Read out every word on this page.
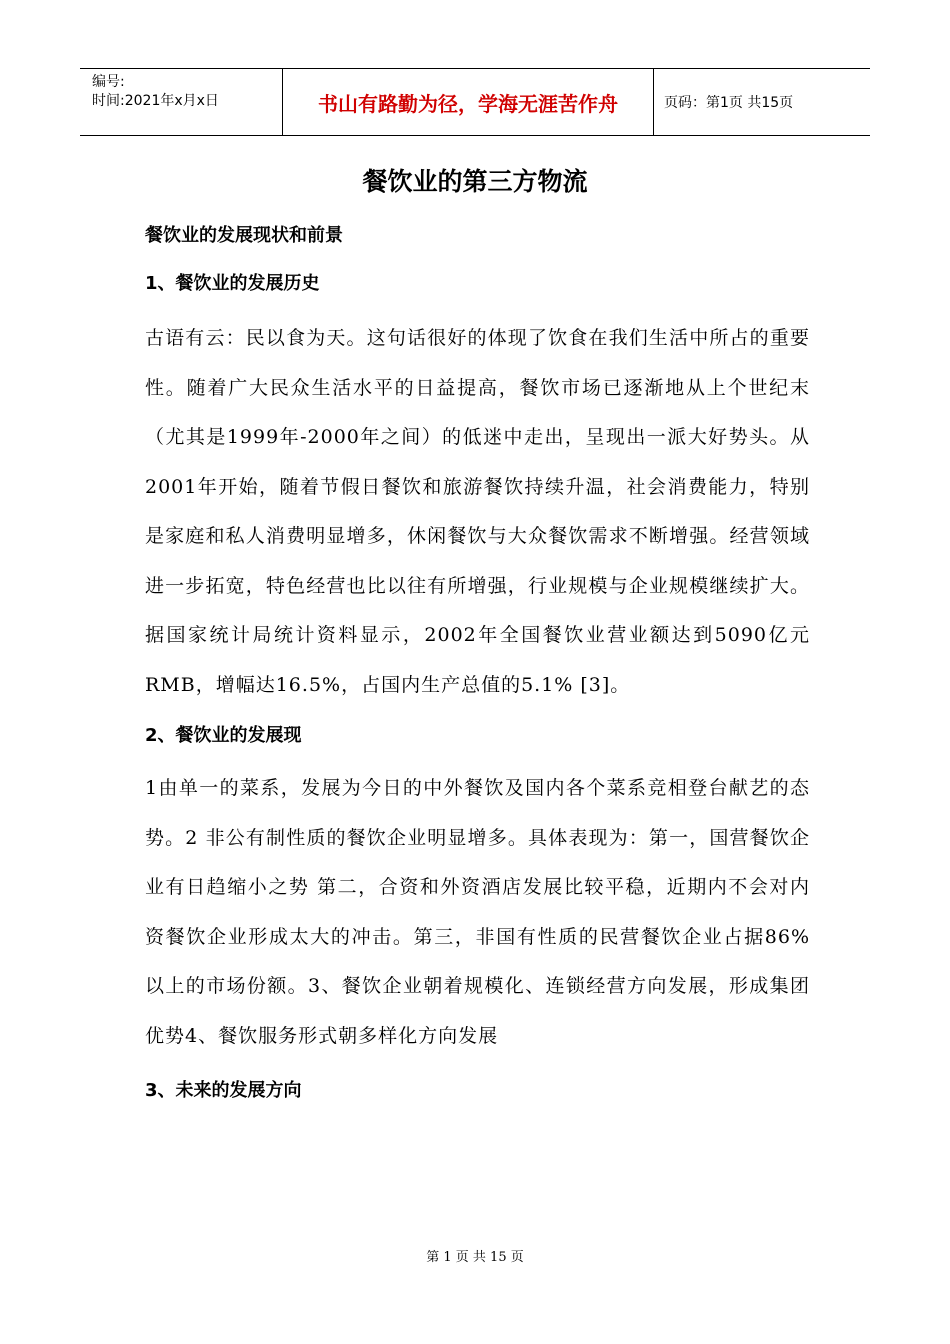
编号:
时间:2021年x月x日	书山有路勤为径，学海无涯苦作舟	页码：第1页 共15页
餐饮业的第三方物流
餐饮业的发展现状和前景
1、餐饮业的发展历史

古语有云：民以食为天。这句话很好的体现了饮食在我们生活中所占的重要性。随着广大民众生活水平的日益提高，餐饮市场已逐渐地从上个世纪末（尤其是1999年-2000年之间）的低迷中走出，呈现出一派大好势头。从2001年开始，随着节假日餐饮和旅游餐饮持续升温，社会消费能力，特别是家庭和私人消费明显增多，休闲餐饮与大众餐饮需求不断增强。经营领域进一步拓宽，特色经营也比以往有所增强，行业规模与企业规模继续扩大。据国家统计局统计资料显示，2002年全国餐饮业营业额达到5090亿元RMB，增幅达16.5%，占国内生产总值的5.1% [3]。

2、餐饮业的发展现

1由单一的菜系，发展为今日的中外餐饮及国内各个菜系竞相登台献艺的态势。2 非公有制性质的餐饮企业明显增多。具体表现为：第一，国营餐饮企业有日趋缩小之势 第二，合资和外资酒店发展比较平稳，近期内不会对内资餐饮企业形成太大的冲击。第三，非国有性质的民营餐饮企业占据86%以上的市场份额。3、餐饮企业朝着规模化、连锁经营方向发展，形成集团优势4、餐饮服务形式朝多样化方向发展

3、未来的发展方向
第 1 页 共 15 页
